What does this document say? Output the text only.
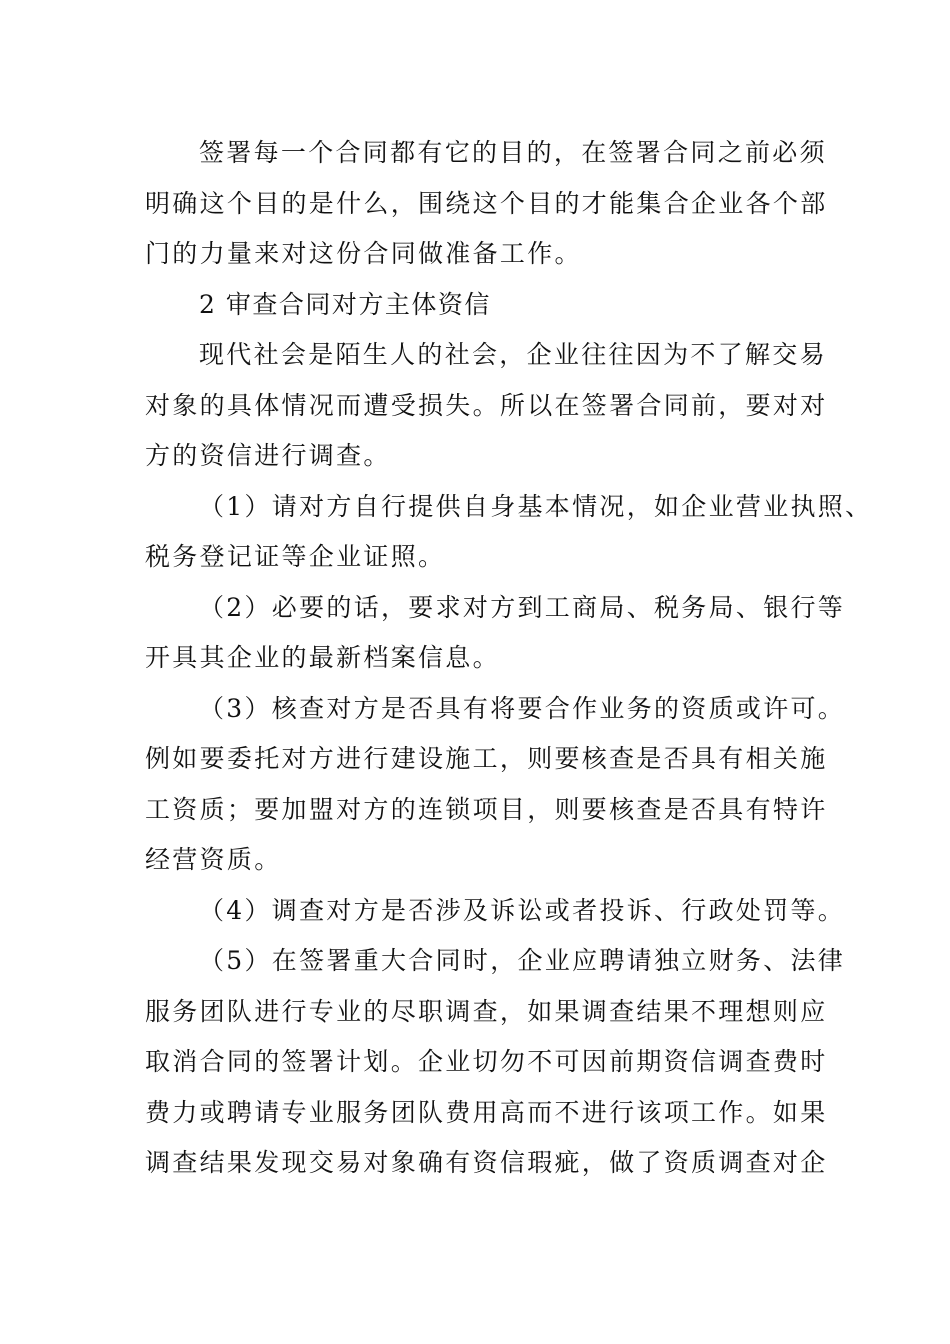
签署每一个合同都有它的目的，在签署合同之前必须
明确这个目的是什么，围绕这个目的才能集合企业各个部
门的力量来对这份合同做准备工作。
2 审查合同对方主体资信
现代社会是陌生人的社会，企业往往因为不了解交易
对象的具体情况而遭受损失。所以在签署合同前，要对对
方的资信进行调查。
（1）请对方自行提供自身基本情况，如企业营业执照、
税务登记证等企业证照。
（2）必要的话，要求对方到工商局、税务局、银行等
开具其企业的最新档案信息。
（3）核查对方是否具有将要合作业务的资质或许可。
例如要委托对方进行建设施工，则要核查是否具有相关施
工资质；要加盟对方的连锁项目，则要核查是否具有特许
经营资质。
（4）调查对方是否涉及诉讼或者投诉、行政处罚等。
（5）在签署重大合同时，企业应聘请独立财务、法律
服务团队进行专业的尽职调查，如果调查结果不理想则应
取消合同的签署计划。企业切勿不可因前期资信调查费时
费力或聘请专业服务团队费用高而不进行该项工作。如果
调查结果发现交易对象确有资信瑕疵，做了资质调查对企
